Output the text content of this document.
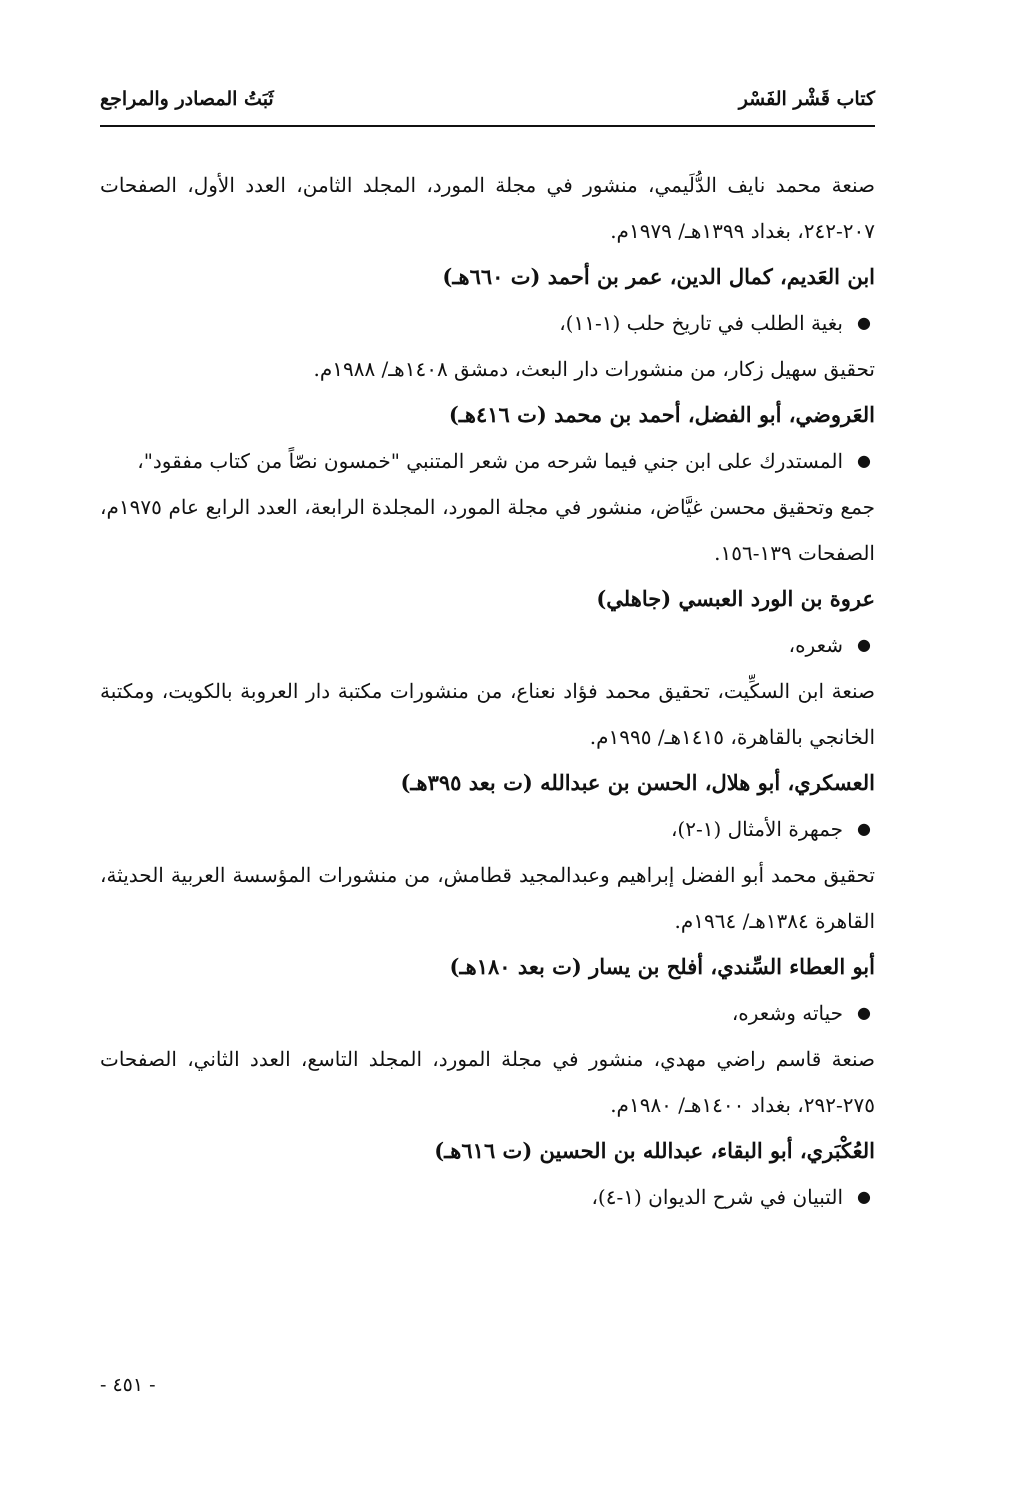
كتاب قَشْر الفَسْر
ثَبَتُ المصادر والمراجع

صنعة محمد نايف الدُّلَيمي، منشور في مجلة المورد، المجلد الثامن، العدد الأول، الصفحات ٢٠٧-٢٤٢، بغداد ١٣٩٩هـ/ ١٩٧٩م.

ابن العَديم، كمال الدين، عمر بن أحمد (ت ٦٦٠هـ)

●
بغية الطلب في تاريخ حلب (١-١١)،

تحقيق سهيل زكار، من منشورات دار البعث، دمشق ١٤٠٨هـ/ ١٩٨٨م.

العَروضي، أبو الفضل، أحمد بن محمد (ت ٤١٦هـ)

●
المستدرك على ابن جني فيما شرحه من شعر المتنبي "خمسون نصّاً من كتاب مفقود"،

جمع وتحقيق محسن غيَّاض، منشور في مجلة المورد، المجلدة الرابعة، العدد الرابع عام ١٩٧٥م، الصفحات ١٣٩-١٥٦.

عروة بن الورد العبسي (جاهلي)

●
شعره،

صنعة ابن السكِّيت، تحقيق محمد فؤاد نعناع، من منشورات مكتبة دار العروبة بالكويت، ومكتبة الخانجي بالقاهرة، ١٤١٥هـ/ ١٩٩٥م.

العسكري، أبو هلال، الحسن بن عبدالله (ت بعد ٣٩٥هـ)

●
جمهرة الأمثال (١-٢)،

تحقيق محمد أبو الفضل إبراهيم وعبدالمجيد قطامش، من منشورات المؤسسة العربية الحديثة، القاهرة ١٣٨٤هـ/ ١٩٦٤م.

أبو العطاء السِّندي، أفلح بن يسار (ت بعد ١٨٠هـ)

●
حياته وشعره،

صنعة قاسم راضي مهدي، منشور في مجلة المورد، المجلد التاسع، العدد الثاني، الصفحات ٢٧٥-٢٩٢، بغداد ١٤٠٠هـ/ ١٩٨٠م.

العُكْبَري، أبو البقاء، عبدالله بن الحسين (ت ٦١٦هـ)

●
التبيان في شرح الديوان (١-٤)،

- ٤٥١ -
